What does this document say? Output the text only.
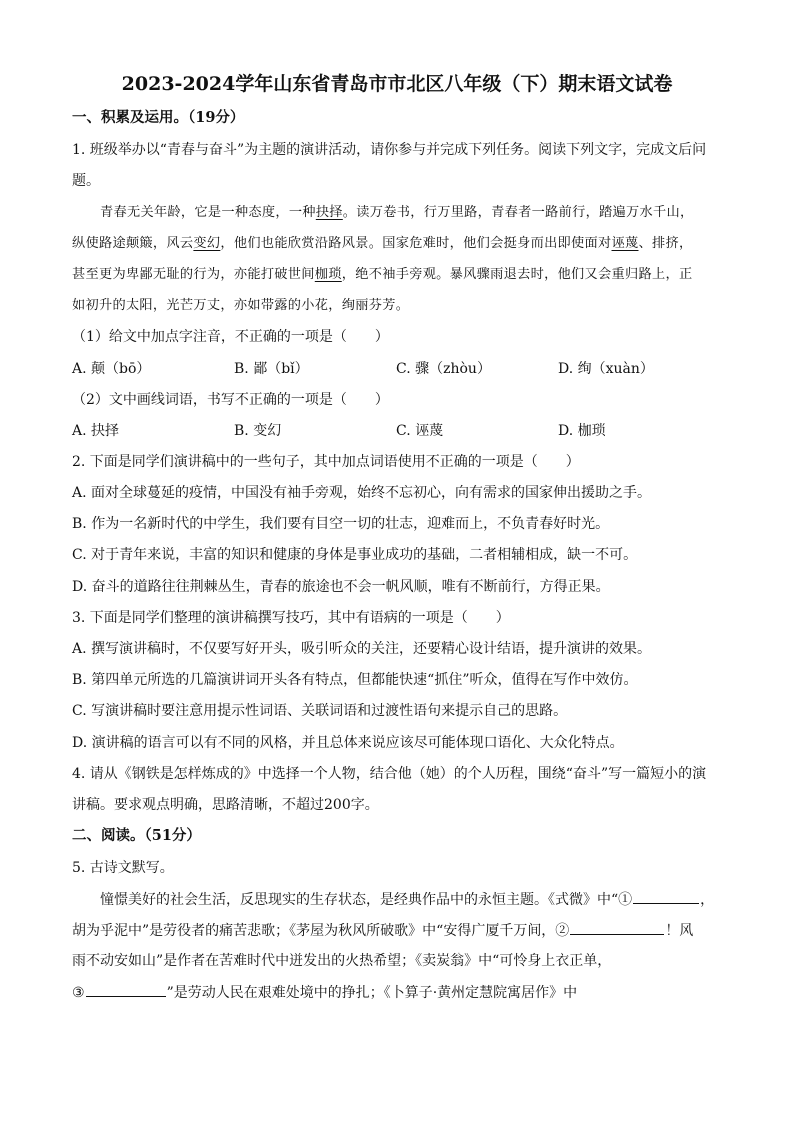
2023-2024学年山东省青岛市市北区八年级（下）期末语文试卷
一、积累及运用。（19分）
1. 班级举办以“青春与奋斗”为主题的演讲活动，请你参与并完成下列任务。阅读下列文字，完成文后问
题。
青春无关年龄，它是一种态度，一种抉择。读万卷书，行万里路，青春者一路前行，踏遍万水千山，
纵使路途颠簸，风云变幻，他们也能欣赏沿路风景。国家危难时，他们会挺身而出即使面对诬蔑、排挤，
甚至更为卑鄙无耻的行为，亦能打破世间枷琐，绝不袖手旁观。暴风骤雨退去时，他们又会重归路上，正
如初升的太阳，光芒万丈，亦如带露的小花，绚丽芬芳。
（1）给文中加点字注音，不正确的一项是（　　）
A. 颠（bō）	B. 鄙（bǐ）	C. 骤（zhòu）	D. 绚（xuàn）
（2）文中画线词语，书写不正确的一项是（　　）
A. 抉择	B. 变幻	C. 诬蔑	D. 枷琐
2. 下面是同学们演讲稿中的一些句子，其中加点词语使用不正确的一项是（　　）
A. 面对全球蔓延的疫情，中国没有袖手旁观，始终不忘初心，向有需求的国家伸出援助之手。
B. 作为一名新时代的中学生，我们要有目空一切的壮志，迎难而上，不负青春好时光。
C. 对于青年来说，丰富的知识和健康的身体是事业成功的基础，二者相辅相成，缺一不可。
D. 奋斗的道路往往荆棘丛生，青春的旅途也不会一帆风顺，唯有不断前行，方得正果。
3. 下面是同学们整理的演讲稿撰写技巧，其中有语病的一项是（　　）
A. 撰写演讲稿时，不仅要写好开头，吸引听众的关注，还要精心设计结语，提升演讲的效果。
B. 第四单元所选的几篇演讲词开头各有特点，但都能快速“抓住”听众，值得在写作中效仿。
C. 写演讲稿时要注意用提示性词语、关联词语和过渡性语句来提示自己的思路。
D. 演讲稿的语言可以有不同的风格，并且总体来说应该尽可能体现口语化、大众化特点。
4. 请从《钢铁是怎样炼成的》中选择一个人物，结合他（她）的个人历程，围绕“奋斗”写一篇短小的演
讲稿。要求观点明确，思路清晰，不超过200字。
二、阅读。（51分）
5. 古诗文默写。
憧憬美好的社会生活，反思现实的生存状态，是经典作品中的永恒主题。《式微》中“①	，
胡为乎泥中”是劳役者的痛苦悲歌；《茅屋为秋风所破歌》中“安得广厦千万间，②	！风
雨不动安如山”是作者在苦难时代中迸发出的火热希望；《卖炭翁》中“可怜身上衣正单，
③	”是劳动人民在艰难处境中的挣扎；《卜算子·黄州定慧院寓居作》中
